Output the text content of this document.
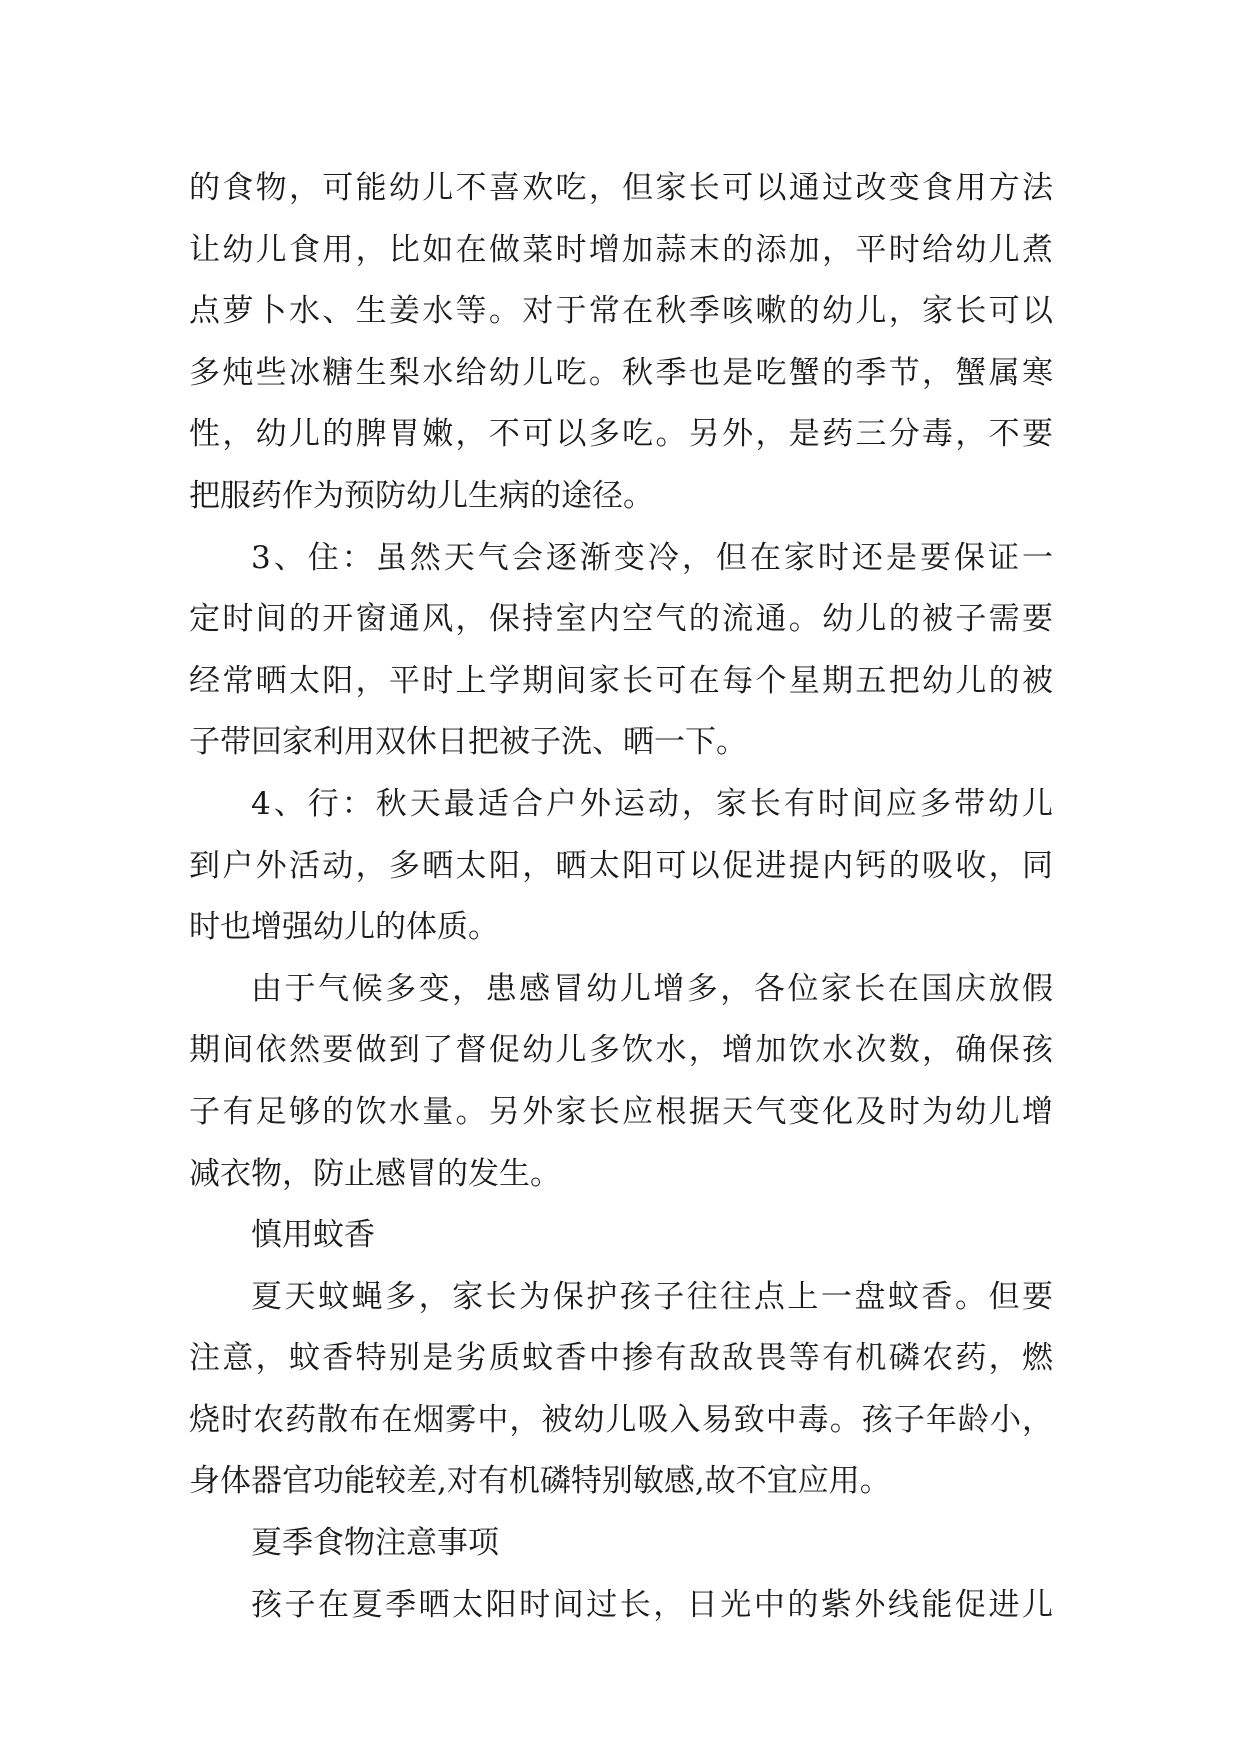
的食物，可能幼儿不喜欢吃，但家长可以通过改变食用方法
让幼儿食用，比如在做菜时增加蒜末的添加，平时给幼儿煮
点萝卜水、生姜水等。对于常在秋季咳嗽的幼儿，家长可以
多炖些冰糖生梨水给幼儿吃。秋季也是吃蟹的季节，蟹属寒
性，幼儿的脾胃嫩，不可以多吃。另外，是药三分毒，不要
把服药作为预防幼儿生病的途径。
3、住：虽然天气会逐渐变冷，但在家时还是要保证一
定时间的开窗通风，保持室内空气的流通。幼儿的被子需要
经常晒太阳，平时上学期间家长可在每个星期五把幼儿的被
子带回家利用双休日把被子洗、晒一下。
4、行：秋天最适合户外运动，家长有时间应多带幼儿
到户外活动，多晒太阳，晒太阳可以促进提内钙的吸收，同
时也增强幼儿的体质。
由于气候多变，患感冒幼儿增多，各位家长在国庆放假
期间依然要做到了督促幼儿多饮水，增加饮水次数，确保孩
子有足够的饮水量。另外家长应根据天气变化及时为幼儿增
减衣物，防止感冒的发生。
慎用蚊香
夏天蚊蝇多，家长为保护孩子往往点上一盘蚊香。但要
注意，蚊香特别是劣质蚊香中掺有敌敌畏等有机磷农药，燃
烧时农药散布在烟雾中，被幼儿吸入易致中毒。孩子年龄小，
身体器官功能较差,对有机磷特别敏感,故不宜应用。
夏季食物注意事项
孩子在夏季晒太阳时间过长，日光中的紫外线能促进儿
